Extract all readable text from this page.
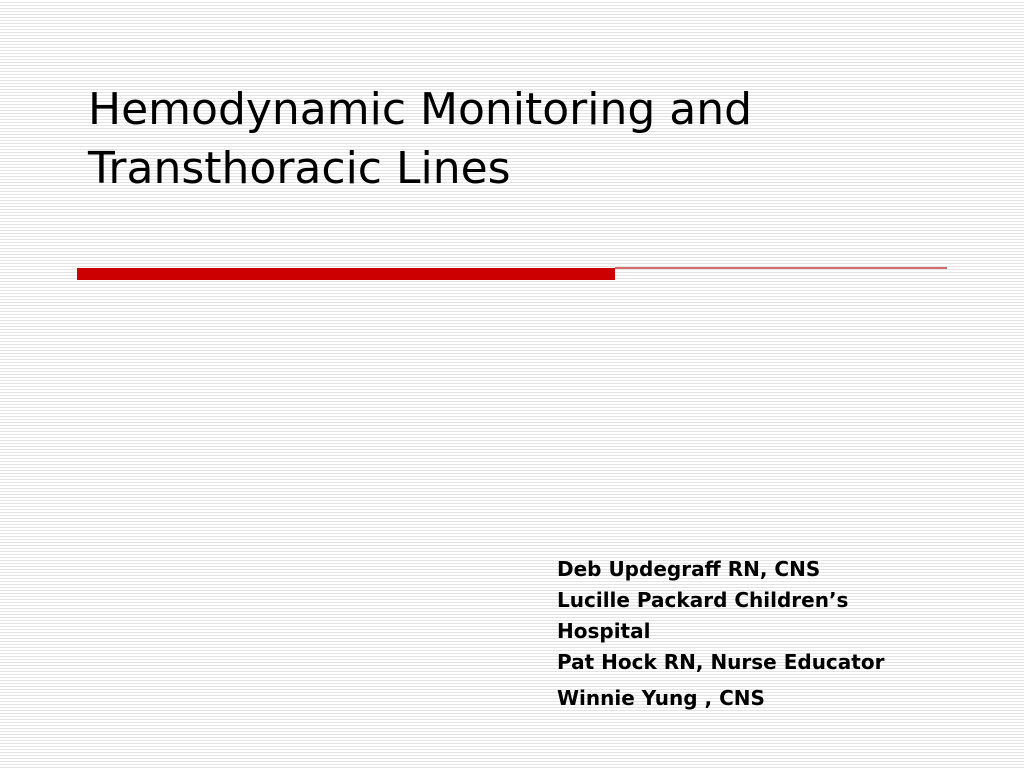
Hemodynamic Monitoring and
Transthoracic Lines
Deb Updegraff RN, CNS
Lucille Packard Children’s
Hospital
Pat Hock RN, Nurse Educator
Winnie Yung , CNS
